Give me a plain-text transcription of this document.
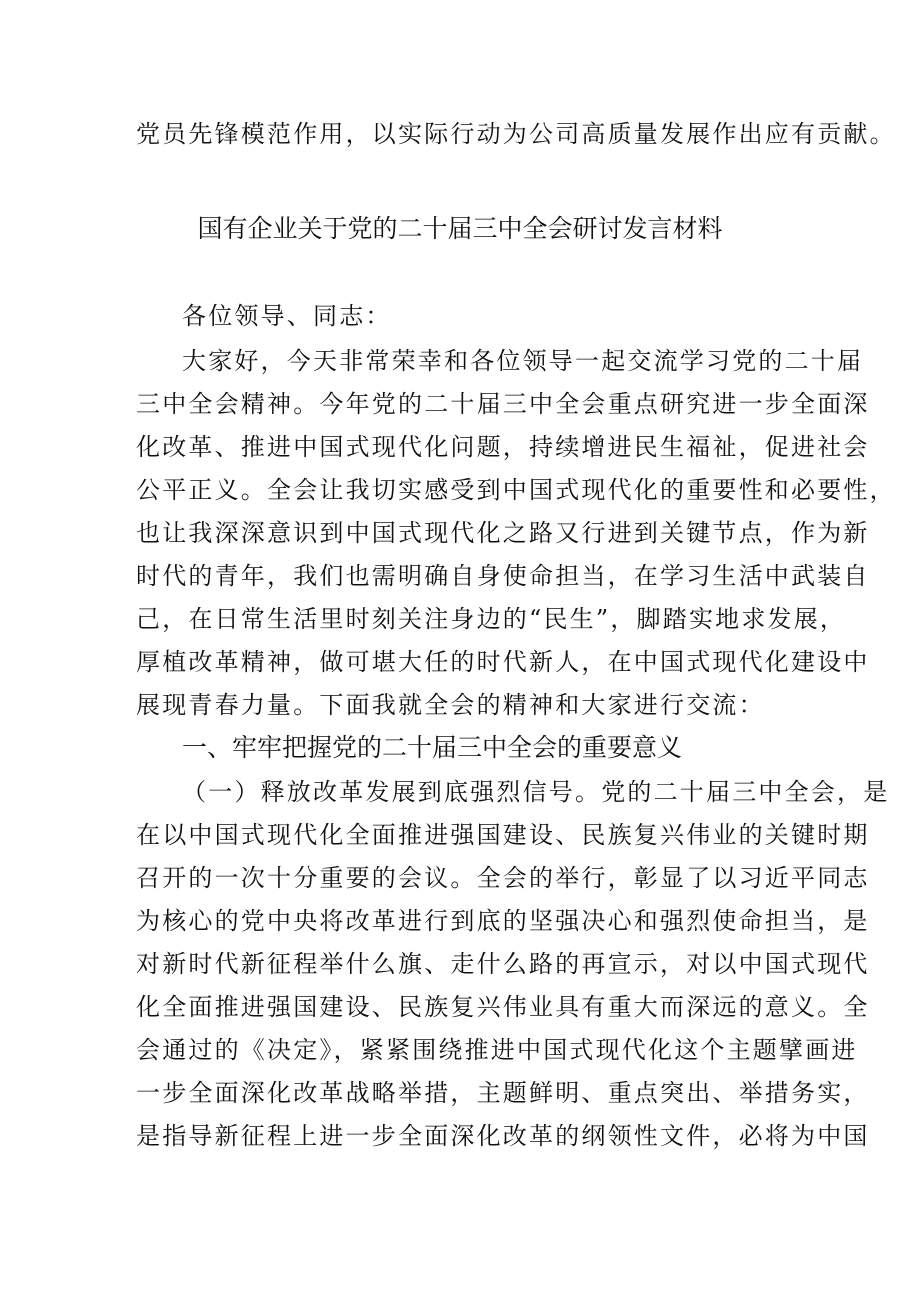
党员先锋模范作用，以实际行动为公司高质量发展作出应有贡献。
国有企业关于党的二十届三中全会研讨发言材料
各位领导、同志：
大家好，今天非常荣幸和各位领导一起交流学习党的二十届
三中全会精神。今年党的二十届三中全会重点研究进一步全面深
化改革、推进中国式现代化问题，持续增进民生福祉，促进社会
公平正义。全会让我切实感受到中国式现代化的重要性和必要性，
也让我深深意识到中国式现代化之路又行进到关键节点，作为新
时代的青年，我们也需明确自身使命担当，在学习生活中武装自
己，在日常生活里时刻关注身边的“民生”，脚踏实地求发展，
厚植改革精神，做可堪大任的时代新人，在中国式现代化建设中
展现青春力量。下面我就全会的精神和大家进行交流：
一、牢牢把握党的二十届三中全会的重要意义
（一）释放改革发展到底强烈信号。党的二十届三中全会，是
在以中国式现代化全面推进强国建设、民族复兴伟业的关键时期
召开的一次十分重要的会议。全会的举行，彰显了以习近平同志
为核心的党中央将改革进行到底的坚强决心和强烈使命担当，是
对新时代新征程举什么旗、走什么路的再宣示，对以中国式现代
化全面推进强国建设、民族复兴伟业具有重大而深远的意义。全
会通过的《决定》，紧紧围绕推进中国式现代化这个主题擘画进
一步全面深化改革战略举措，主题鲜明、重点突出、举措务实，
是指导新征程上进一步全面深化改革的纲领性文件，必将为中国
